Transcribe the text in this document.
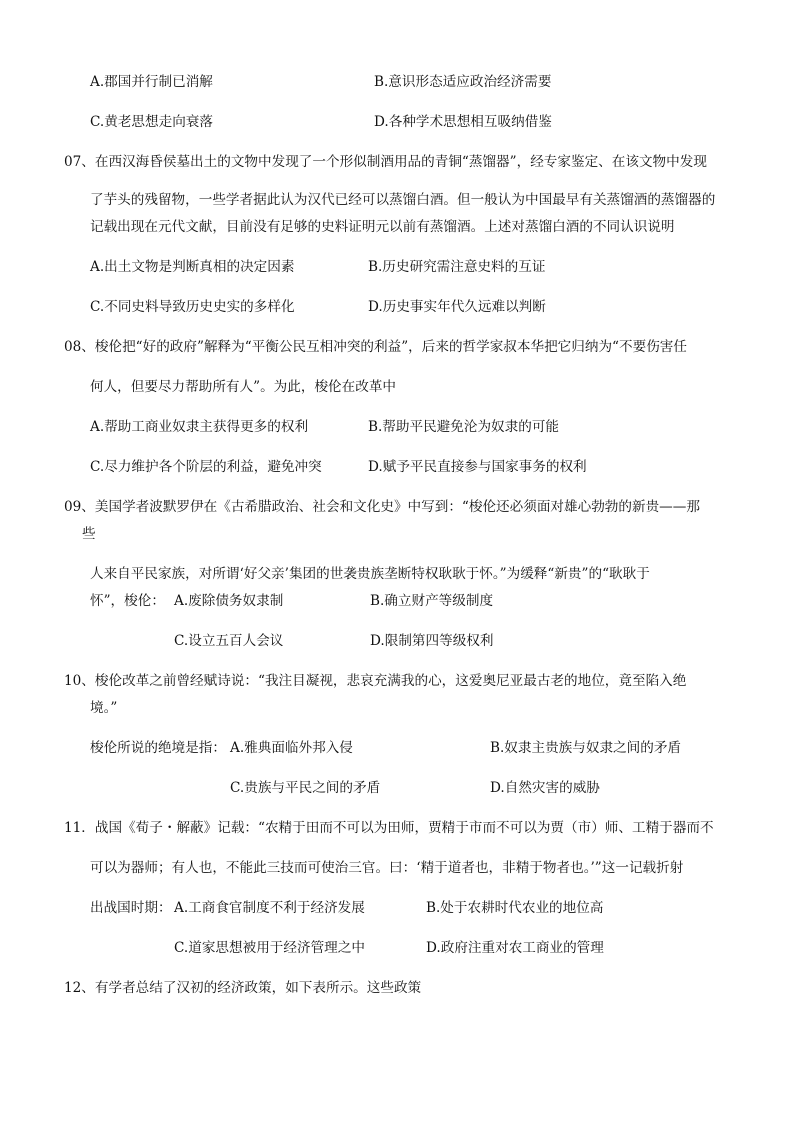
A.郡国并行制已消解	B.意识形态适应政治经济需要
C.黄老思想走向衰落	D.各种学术思想相互吸纳借鉴
07、在西汉海昏侯墓出土的文物中发现了一个形似制酒用品的青铜“蒸馏器”，经专家鉴定、在该文物中发现
了芋头的残留物，一些学者据此认为汉代已经可以蒸馏白酒。但一般认为中国最早有关蒸馏酒的蒸馏器的
记载出现在元代文献，目前没有足够的史料证明元以前有蒸馏酒。上述对蒸馏白酒的不同认识说明
A.出土文物是判断真相的决定因素	B.历史研究需注意史料的互证
C.不同史料导致历史史实的多样化	D.历史事实年代久远难以判断
08、梭伦把“好的政府”解释为“平衡公民互相冲突的利益”，后来的哲学家叔本华把它归纳为“不要伤害任
何人，但要尽力帮助所有人”。为此，梭伦在改革中
A.帮助工商业奴隶主获得更多的权利	B.帮助平民避免沦为奴隶的可能
C.尽力维护各个阶层的利益，避免冲突	D.赋予平民直接参与国家事务的权利
09、美国学者波默罗伊在《古希腊政治、社会和文化史》中写到：“梭伦还必须面对雄心勃勃的新贵——那
些
人来自平民家族，对所谓‘好父亲’集团的世袭贵族垄断特权耿耿于怀。”为缓释“新贵”的“耿耿于
怀”，梭伦： A.废除债务奴隶制	B.确立财产等级制度
C.设立五百人会议	D.限制第四等级权利
10、梭伦改革之前曾经赋诗说：“我注目凝视，悲哀充满我的心，这爱奥尼亚最古老的地位，竟至陷入绝
境。”
梭伦所说的绝境是指： A.雅典面临外邦入侵	B.奴隶主贵族与奴隶之间的矛盾
C.贵族与平民之间的矛盾	D.自然灾害的威胁
11．战国《荀子・解蔽》记载：“农精于田而不可以为田师，贾精于市而不可以为贾（市）师、工精于器而不
可以为器师；有人也，不能此三技而可使治三官。曰：‘精于道者也，非精于物者也。’”这一记载折射
出战国时期： A.工商食官制度不利于经济发展	B.处于农耕时代农业的地位高
C.道家思想被用于经济管理之中	D.政府注重对农工商业的管理
12、有学者总结了汉初的经济政策，如下表所示。这些政策
